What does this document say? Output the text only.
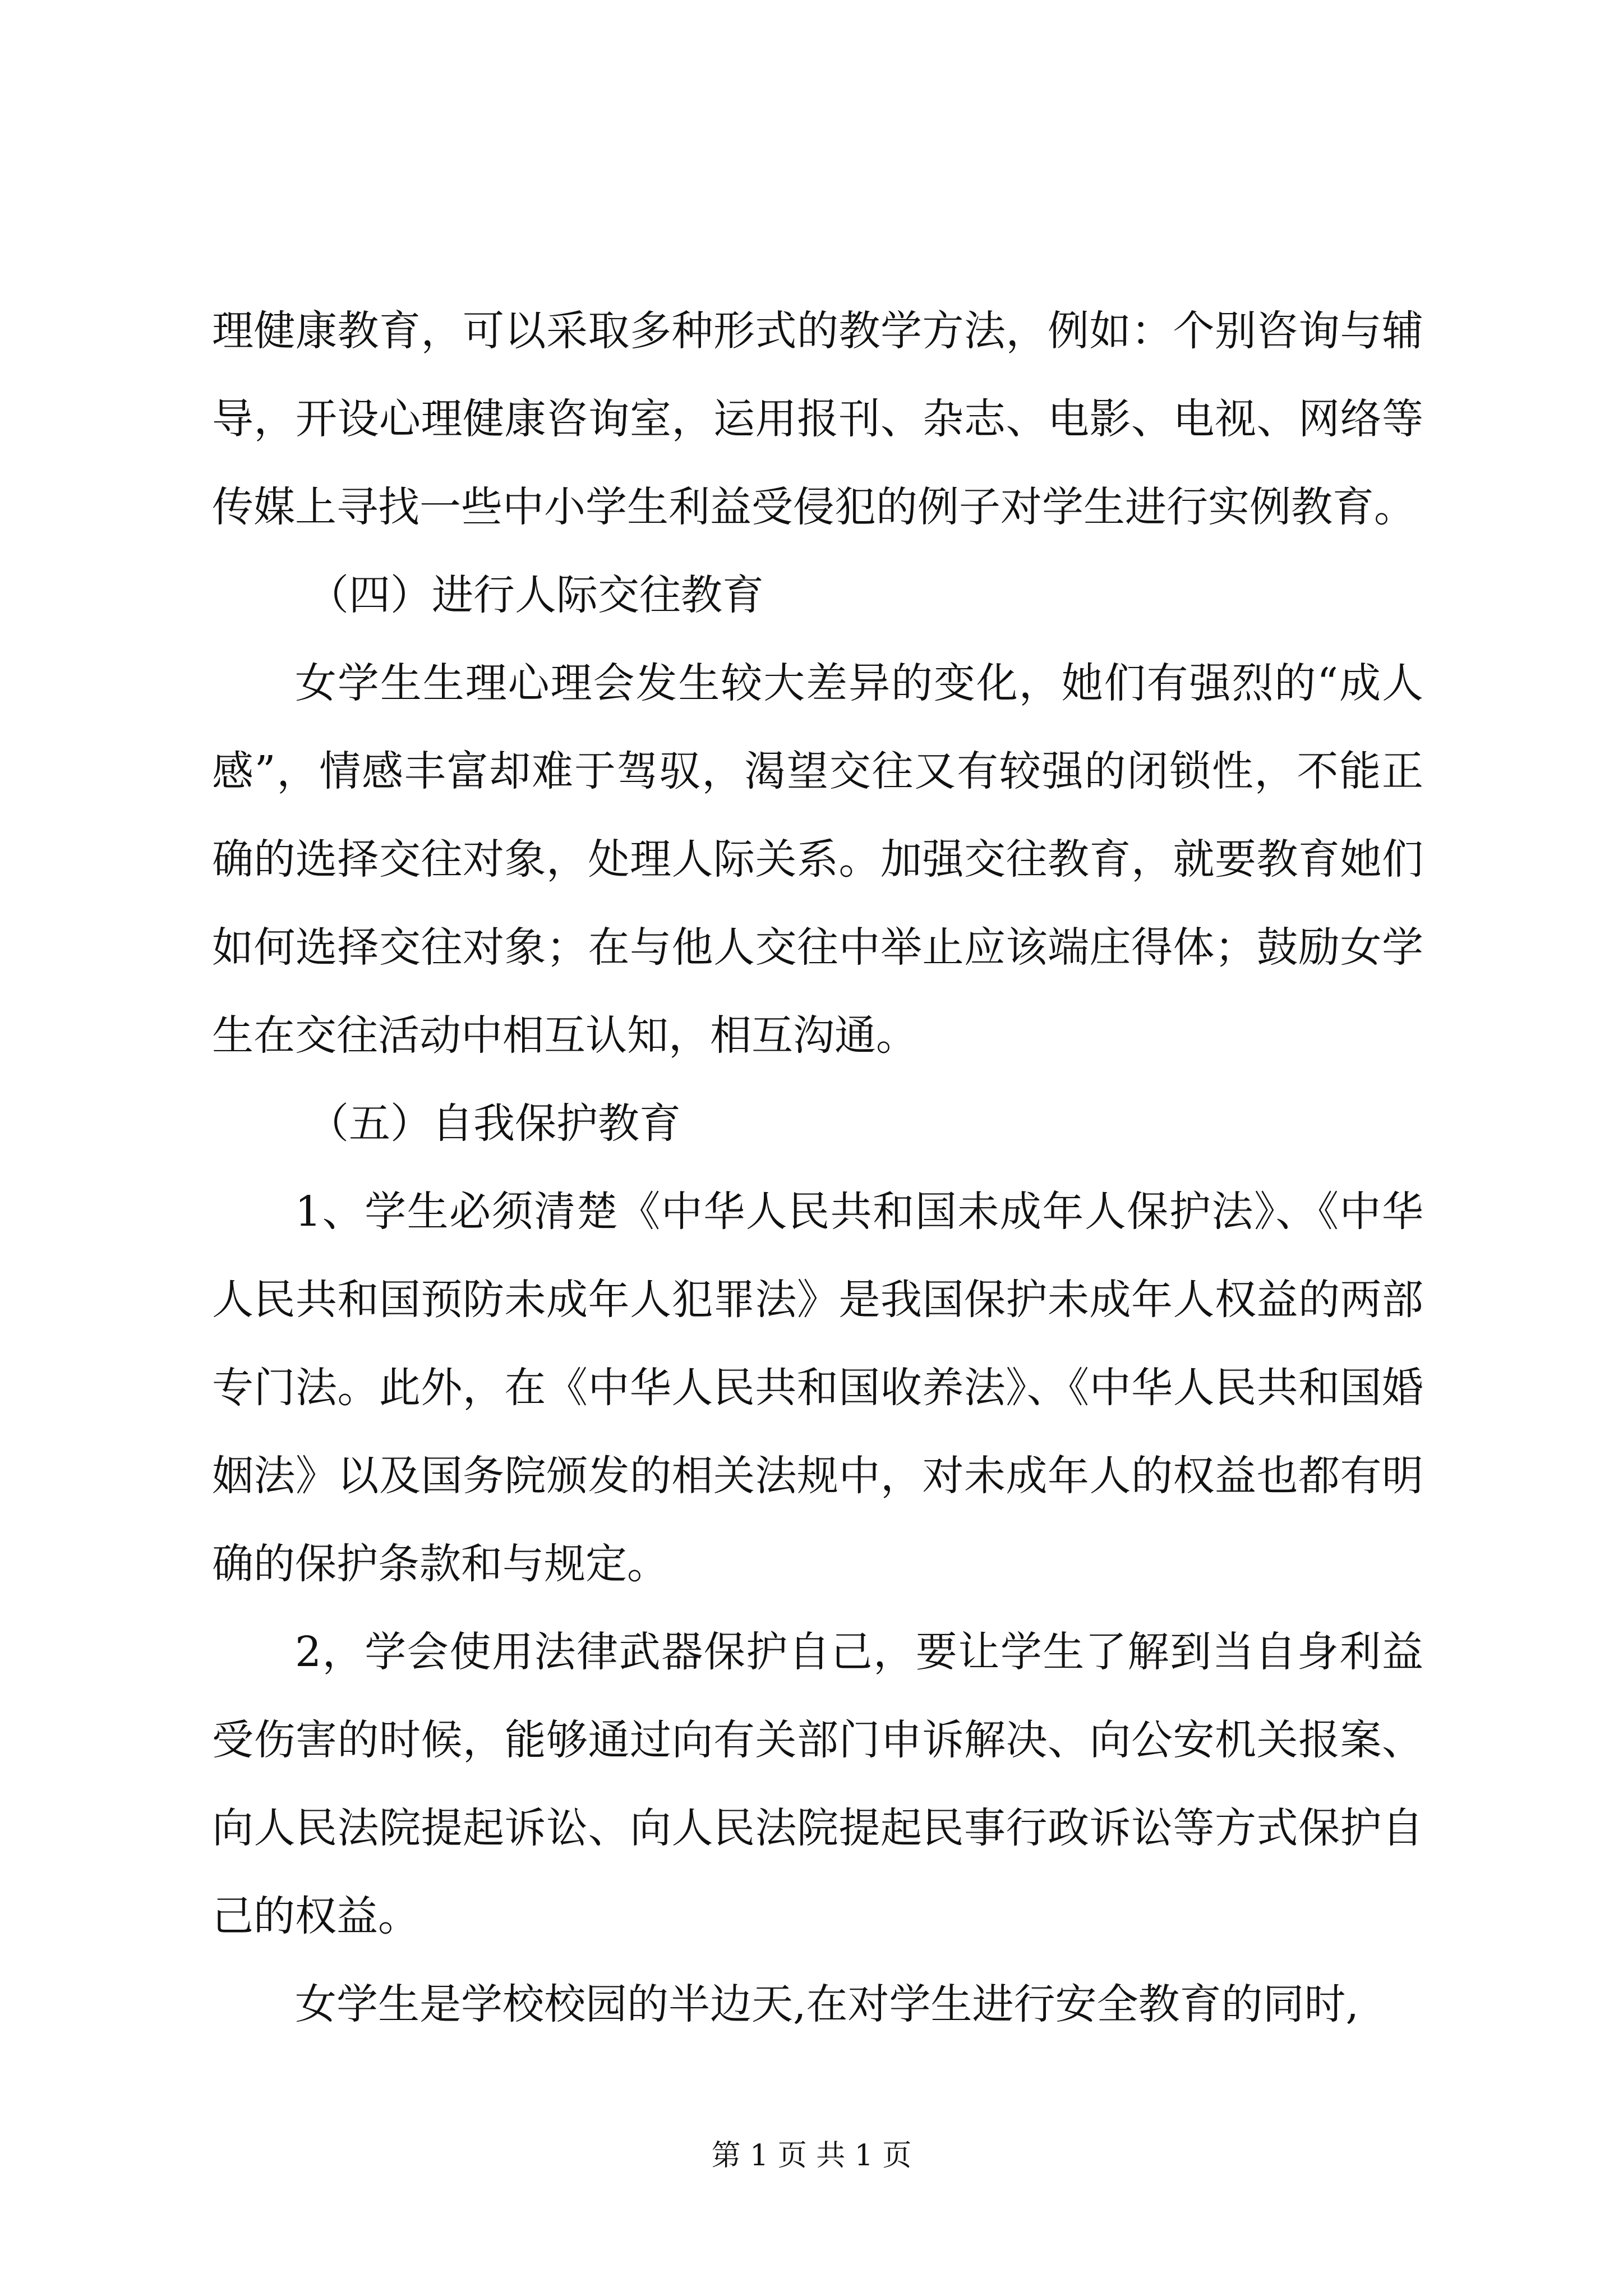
理健康教育，可以采取多种形式的教学方法，例如：个别咨询与辅导，开设心理健康咨询室，运用报刊、杂志、电影、电视、网络等传媒上寻找一些中小学生利益受侵犯的例子对学生进行实例教育。

（四）进行人际交往教育

女学生生理心理会发生较大差异的变化，她们有强烈的“成人感”，情感丰富却难于驾驭，渴望交往又有较强的闭锁性，不能正确的选择交往对象，处理人际关系。加强交往教育，就要教育她们如何选择交往对象；在与他人交往中举止应该端庄得体；鼓励女学生在交往活动中相互认知，相互沟通。

（五）自我保护教育

1、学生必须清楚《中华人民共和国未成年人保护法》、《中华人民共和国预防未成年人犯罪法》是我国保护未成年人权益的两部专门法。此外，在《中华人民共和国收养法》、《中华人民共和国婚姻法》以及国务院颁发的相关法规中，对未成年人的权益也都有明确的保护条款和与规定。

2，学会使用法律武器保护自己，要让学生了解到当自身利益受伤害的时候，能够通过向有关部门申诉解决、向公安机关报案、向人民法院提起诉讼、向人民法院提起民事行政诉讼等方式保护自己的权益。

女学生是学校校园的半边天,在对学生进行安全教育的同时,

第 1 页 共 1 页
